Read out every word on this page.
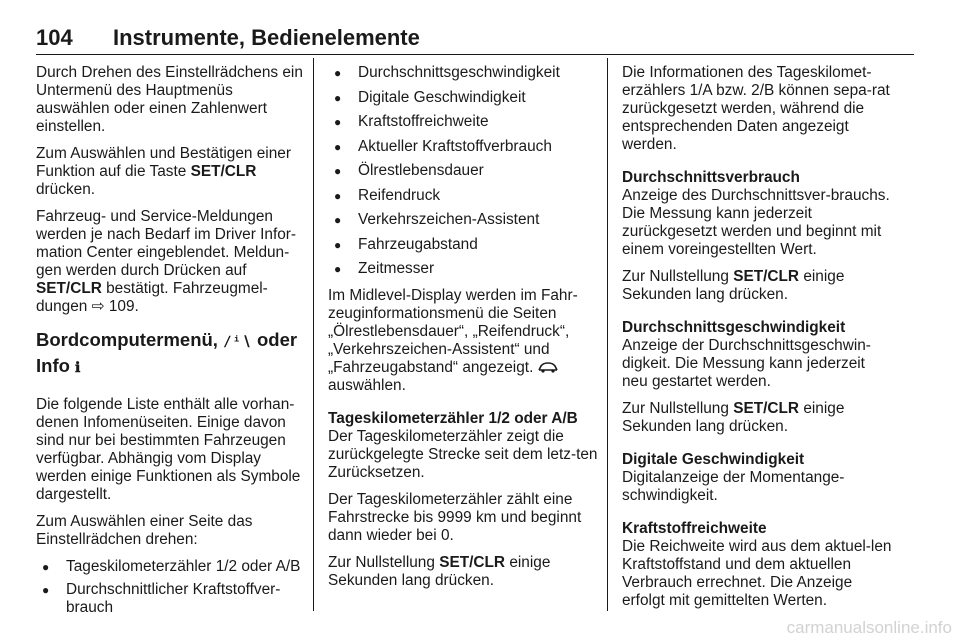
104 Instrumente, Bedienelemente

Durch Drehen des Einstellrädchens ein Untermenü des Hauptmenüs auswählen oder einen Zahlenwert einstellen.

Zum Auswählen und Bestätigen einer Funktion auf die Taste SET/CLR drücken.

Fahrzeug- und Service-Meldungen werden je nach Bedarf im Driver Infor‐mation Center eingeblendet. Meldun‐gen werden durch Drücken auf SET/CLR bestätigt. Fahrzeugmel‐dungen ⇨ 109.

Bordcomputermenü, ∕ⁱ∖ oder Info ℹ

Die folgende Liste enthält alle vorhan‐denen Infomenüseiten. Einige davon sind nur bei bestimmten Fahrzeugen verfügbar. Abhängig vom Display werden einige Funktionen als Symbole dargestellt.

Zum Auswählen einer Seite das Einstellrädchen drehen:

● Tageskilometerzähler 1/2 oder A/B
● Durchschnittlicher Kraftstoffver‐brauch
● Durchschnittsgeschwindigkeit
● Digitale Geschwindigkeit
● Kraftstoffreichweite
● Aktueller Kraftstoffverbrauch
● Ölrestlebensdauer
● Reifendruck
● Verkehrszeichen-Assistent
● Fahrzeugabstand
● Zeitmesser

Im Midlevel-Display werden im Fahr‐zeuginformationsmenü die Seiten „Ölrestlebensdauer“, „Reifendruck“, „Verkehrszeichen-Assistent“ und „Fahrzeugabstand“ angezeigt.  auswählen.

Tageskilometerzähler 1/2 oder A/B

Der Tageskilometerzähler zeigt die zurückgelegte Strecke seit dem letz‐ten Zurücksetzen.

Der Tageskilometerzähler zählt eine Fahrstrecke bis 9999 km und beginnt dann wieder bei 0.

Zur Nullstellung SET/CLR einige Sekunden lang drücken.

Die Informationen des Tageskilomet‐erzählers 1/A bzw. 2/B können sepa‐rat zurückgesetzt werden, während die entsprechenden Daten angezeigt werden.

Durchschnittsverbrauch

Anzeige des Durchschnittsver‐brauchs. Die Messung kann jederzeit zurückgesetzt werden und beginnt mit einem voreingestellten Wert.

Zur Nullstellung SET/CLR einige Sekunden lang drücken.

Durchschnittsgeschwindigkeit

Anzeige der Durchschnittsgeschwin‐digkeit. Die Messung kann jederzeit neu gestartet werden.

Zur Nullstellung SET/CLR einige Sekunden lang drücken.

Digitale Geschwindigkeit

Digitalanzeige der Momentange‐schwindigkeit.

Kraftstoffreichweite

Die Reichweite wird aus dem aktuel‐len Kraftstoffstand und dem aktuellen Verbrauch errechnet. Die Anzeige erfolgt mit gemittelten Werten.

carmanualsonline.info
